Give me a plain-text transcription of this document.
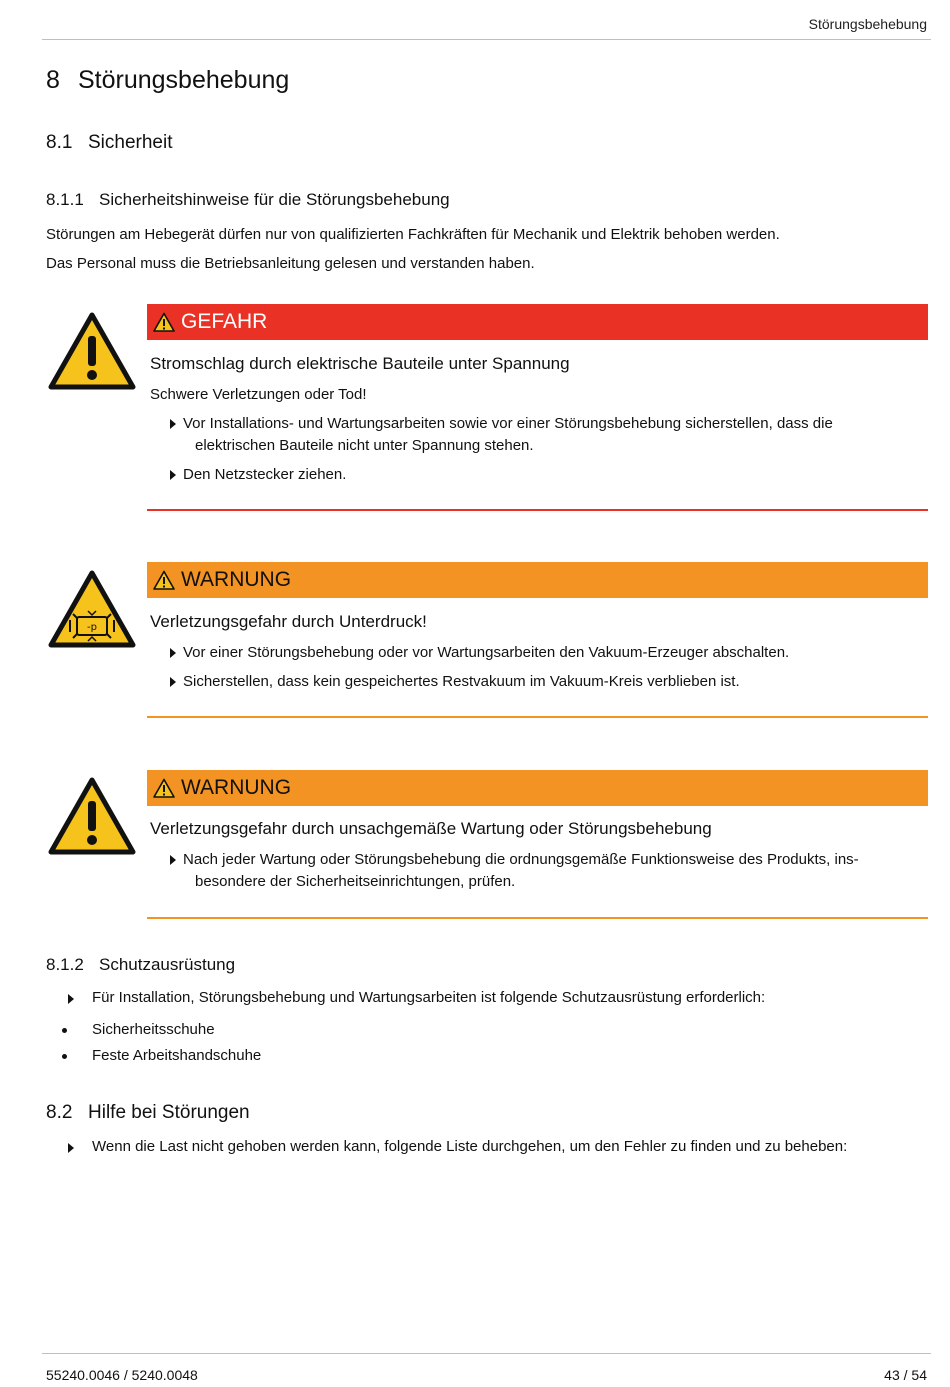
Störungsbehebung
8 Störungsbehebung
8.1 Sicherheit
8.1.1 Sicherheitshinweise für die Störungsbehebung
Störungen am Hebegerät dürfen nur von qualifizierten Fachkräften für Mechanik und Elektrik behoben werden.
Das Personal muss die Betriebsanleitung gelesen und verstanden haben.
GEFAHR
Stromschlag durch elektrische Bauteile unter Spannung
Schwere Verletzungen oder Tod!
Vor Installations- und Wartungsarbeiten sowie vor einer Störungsbehebung sicherstellen, dass die
elektrischen Bauteile nicht unter Spannung stehen.
Den Netzstecker ziehen.
-p
WARNUNG
Verletzungsgefahr durch Unterdruck!
Vor einer Störungsbehebung oder vor Wartungsarbeiten den Vakuum-Erzeuger abschalten.
Sicherstellen, dass kein gespeichertes Restvakuum im Vakuum-Kreis verblieben ist.
WARNUNG
Verletzungsgefahr durch unsachgemäße Wartung oder Störungsbehebung
Nach jeder Wartung oder Störungsbehebung die ordnungsgemäße Funktionsweise des Produkts, ins-
besondere der Sicherheitseinrichtungen, prüfen.
8.1.2 Schutzausrüstung
Für Installation, Störungsbehebung und Wartungsarbeiten ist folgende Schutzausrüstung erforderlich:
Sicherheitsschuhe
Feste Arbeitshandschuhe
8.2 Hilfe bei Störungen
Wenn die Last nicht gehoben werden kann, folgende Liste durchgehen, um den Fehler zu finden und zu beheben:
55240.0046 / 5240.0048	43 / 54
